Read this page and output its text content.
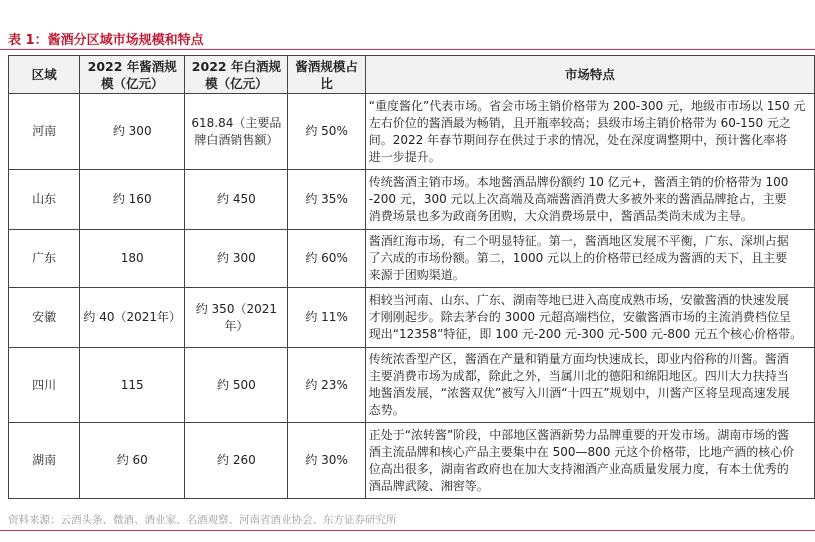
表 1：酱酒分区域市场规模和特点
区域	2022 年酱酒规模（亿元）	2022 年白酒规模（亿元）	酱酒规模占比	市场特点
河南	约 300	618.84（主要品牌白酒销售额）	约 50%	“重度酱化”代表市场。省会市场主销价格带为 200-300 元，地级市市场以 150 元
左右价位的酱酒最为畅销，且开瓶率较高；县级市场主销价格带为 60-150 元之
间。2022 年春节期间存在供过于求的情况，处在深度调整期中，预计酱化率将
进一步提升。

山东	约 160	约 450	约 35%	传统酱酒主销市场。本地酱酒品牌份额约 10 亿元+，酱酒主销的价格带为 100
-200 元，300 元以上次高端及高端酱酒消费大多被外来的酱酒品牌抢占，主要
消费场景也多为政商务团购，大众消费场景中，酱酒品类尚未成为主导。

广东	180	约 300	约 60%	酱酒红海市场，有二个明显特征。第一，酱酒地区发展不平衡，广东、深圳占据
了六成的市场份额。第二，1000 元以上的价格带已经成为酱酒的天下，且主要
来源于团购渠道。

安徽	约 40（2021年）	约 350（2021年）	约 11%	相较当河南、山东、广东、湖南等地已进入高度成熟市场，安徽酱酒的快速发展
才刚刚起步。除去茅台的 3000 元超高端档位，安徽酱酒市场的主流消费档位呈
现出“12358”特征，即 100 元-200 元-300 元-500 元-800 元五个核心价格带。

四川	115	约 500	约 23%	传统浓香型产区，酱酒在产量和销量方面均快速成长，即业内俗称的川酱。酱酒
主要消费市场为成都，除此之外，当属川北的德阳和绵阳地区。四川大力扶持当
地酱酒发展，“浓酱双优”被写入川酒“十四五”规划中，川酱产区将呈现高速发展
态势。

湖南	约 60	约 260	约 30%	正处于“浓转酱”阶段，中部地区酱酒新势力品牌重要的开发市场。湖南市场的酱
酒主流品牌和核心产品主要集中在 500—800 元这个价格带，比地产酒的核心价
位高出很多，湖南省政府也在加大支持湘酒产业高质量发展力度，有本土优秀的
酒品牌武陵、湘窖等。
资料来源：云酒头条、微酒、酒业家、名酒观察、河南省酒业协会、东方证券研究所
